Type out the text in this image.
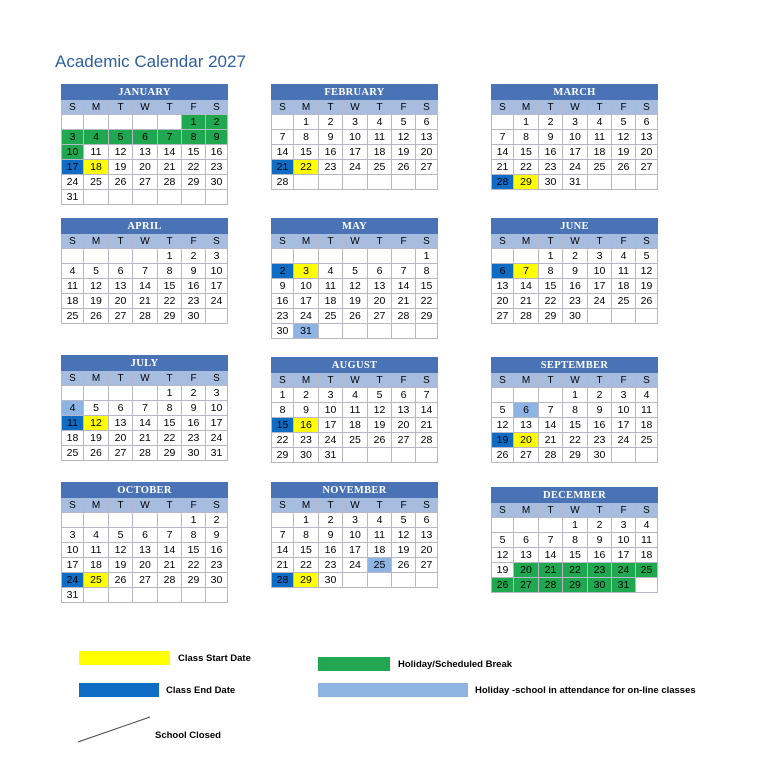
Academic Calendar 2027
JANUARY						
S	M	T	W	T	F	S
					1	2
3	4	5	6	7	8	9
10	11	12	13	14	15	16
17	18	19	20	21	22	23
24	25	26	27	28	29	30
31						
FEBRUARY						
S	M	T	W	T	F	S
	1	2	3	4	5	6
7	8	9	10	11	12	13
14	15	16	17	18	19	20
21	22	23	24	25	26	27
28						
MARCH						
S	M	T	W	T	F	S
	1	2	3	4	5	6
7	8	9	10	11	12	13
14	15	16	17	18	19	20
21	22	23	24	25	26	27
28	29	30	31			
APRIL						
S	M	T	W	T	F	S
				1	2	3
4	5	6	7	8	9	10
11	12	13	14	15	16	17
18	19	20	21	22	23	24
25	26	27	28	29	30	
MAY						
S	M	T	W	T	F	S
						1
2	3	4	5	6	7	8
9	10	11	12	13	14	15
16	17	18	19	20	21	22
23	24	25	26	27	28	29
30	31					
JUNE						
S	M	T	W	T	F	S
		1	2	3	4	5
6	7	8	9	10	11	12
13	14	15	16	17	18	19
20	21	22	23	24	25	26
27	28	29	30			
JULY						
S	M	T	W	T	F	S
				1	2	3
4	5	6	7	8	9	10
11	12	13	14	15	16	17
18	19	20	21	22	23	24
25	26	27	28	29	30	31
AUGUST						
S	M	T	W	T	F	S
1	2	3	4	5	6	7
8	9	10	11	12	13	14
15	16	17	18	19	20	21
22	23	24	25	26	27	28
29	30	31				
SEPTEMBER						
S	M	T	W	T	F	S
			1	2	3	4
5	6	7	8	9	10	11
12	13	14	15	16	17	18
19	20	21	22	23	24	25
26	27	28	29	30		
OCTOBER						
S	M	T	W	T	F	S
					1	2
3	4	5	6	7	8	9
10	11	12	13	14	15	16
17	18	19	20	21	22	23
24	25	26	27	28	29	30
31						
NOVEMBER						
S	M	T	W	T	F	S
	1	2	3	4	5	6
7	8	9	10	11	12	13
14	15	16	17	18	19	20
21	22	23	24	25	26	27
28	29	30				
DECEMBER						
S	M	T	W	T	F	S
			1	2	3	4
5	6	7	8	9	10	11
12	13	14	15	16	17	18
19	20	21	22	23	24	25
26	27	28	29	30	31	
Class Start Date
Class End Date
Holiday/Scheduled Break
Holiday -school in attendance for on-line classes
School Closed
